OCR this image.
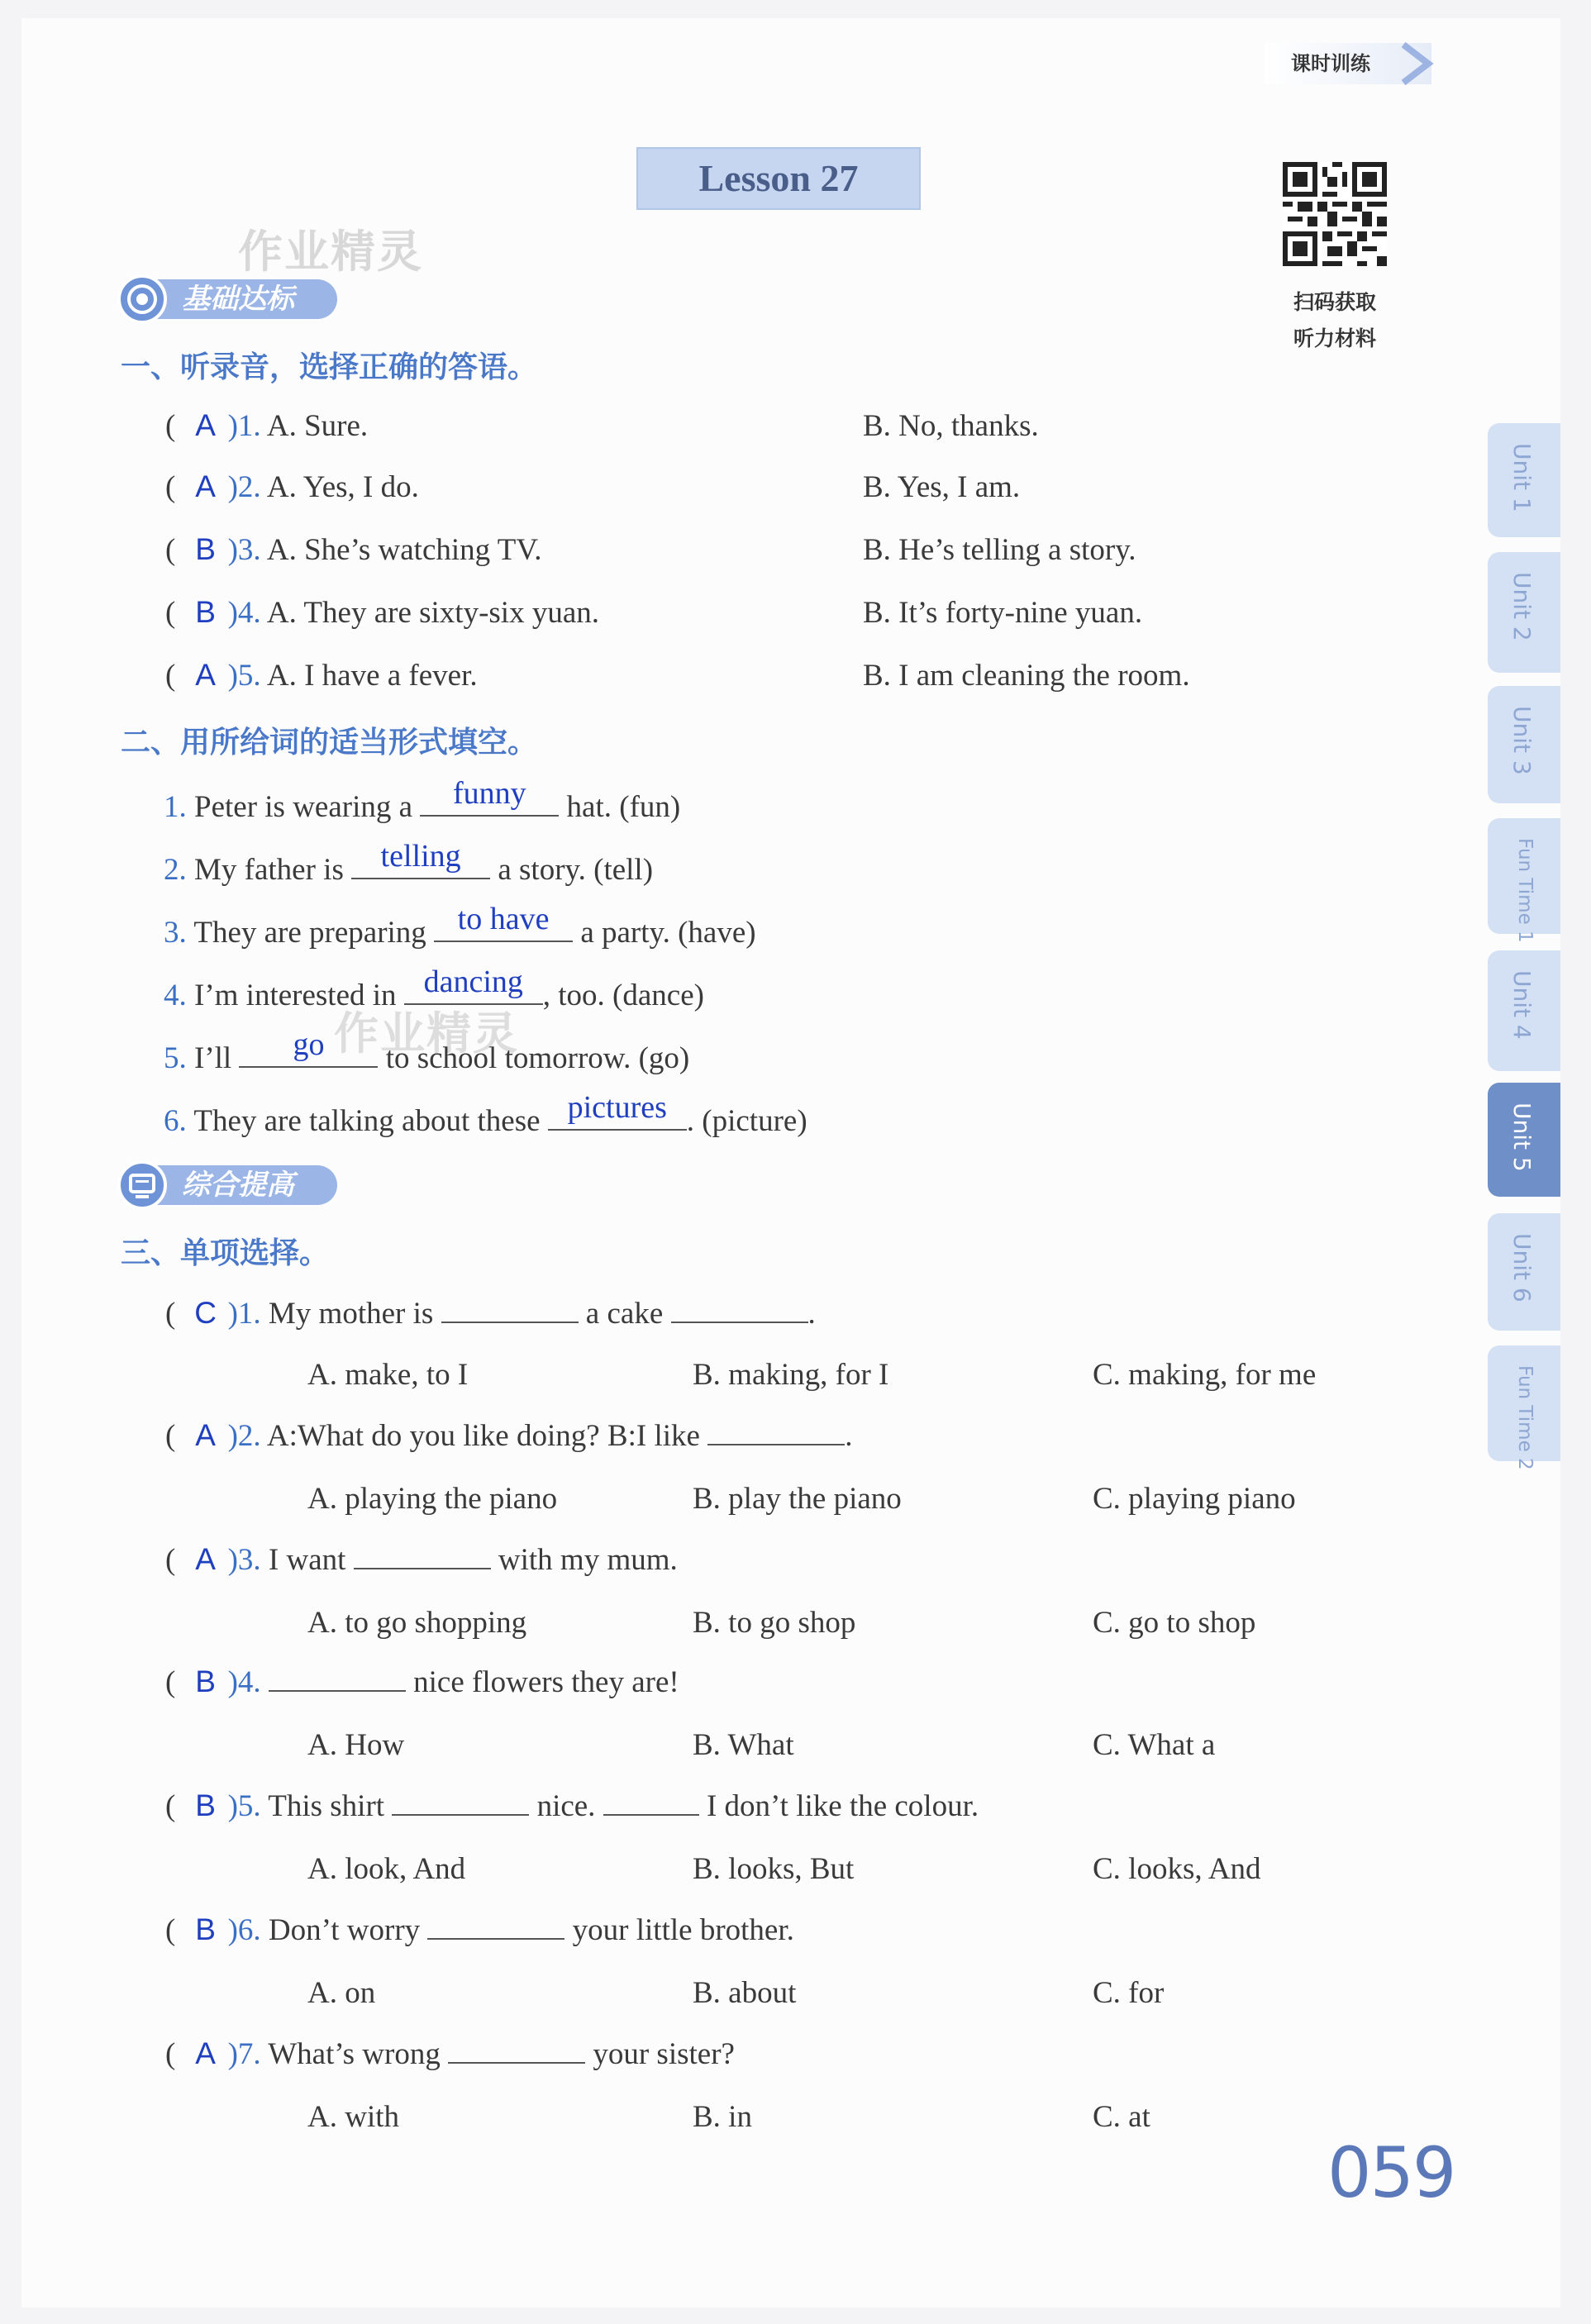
课时训练
Lesson 27
扫码获取
听力材料
作业精灵
作业精灵
Unit 1
Unit 2
Unit 3
Fun Time 1
Unit 4
Unit 5
Unit 6
Fun Time 2
基础达标
一、听录音，选择正确的答语。
( A )1. A. Sure.	B. No, thanks.
( A )2. A. Yes, I do.	B. Yes, I am.
( B )3. A. She’s watching TV.	B. He’s telling a story.
( B )4. A. They are sixty-six yuan.	B. It’s forty-nine yuan.
( A )5. A. I have a fever.	B. I am cleaning the room.
二、用所给词的适当形式填空。
1. Peter is wearing a	funny	hat. (fun)
2. My father is	telling	a story. (tell)
3. They are preparing to have	a party. (have)
4. I’m interested in dancing , too. (dance)
5. I’ll	go	to school tomorrow. (go)
6. They are talking about these pictures . (picture)
综合提高
三、单项选择。
( C )1. My mother is	a cake	.
A. make, to I	B. making, for I	C. making, for me
( A )2. A:What do you like doing? B:I like	.
A. playing the piano	B. play the piano	C. playing piano
( A )3. I want	with my mum.
A. to go shopping	B. to go shop	C. go to shop
( B )4.	nice flowers they are!
A. How	B. What	C. What a
( B )5. This shirt	nice.	I don’t like the colour.
A. look, And	B. looks, But	C. looks, And
( B )6. Don’t worry	your little brother.
A. on	B. about	C. for
( A )7. What’s wrong	your sister?
A. with	B. in	C. at
059
